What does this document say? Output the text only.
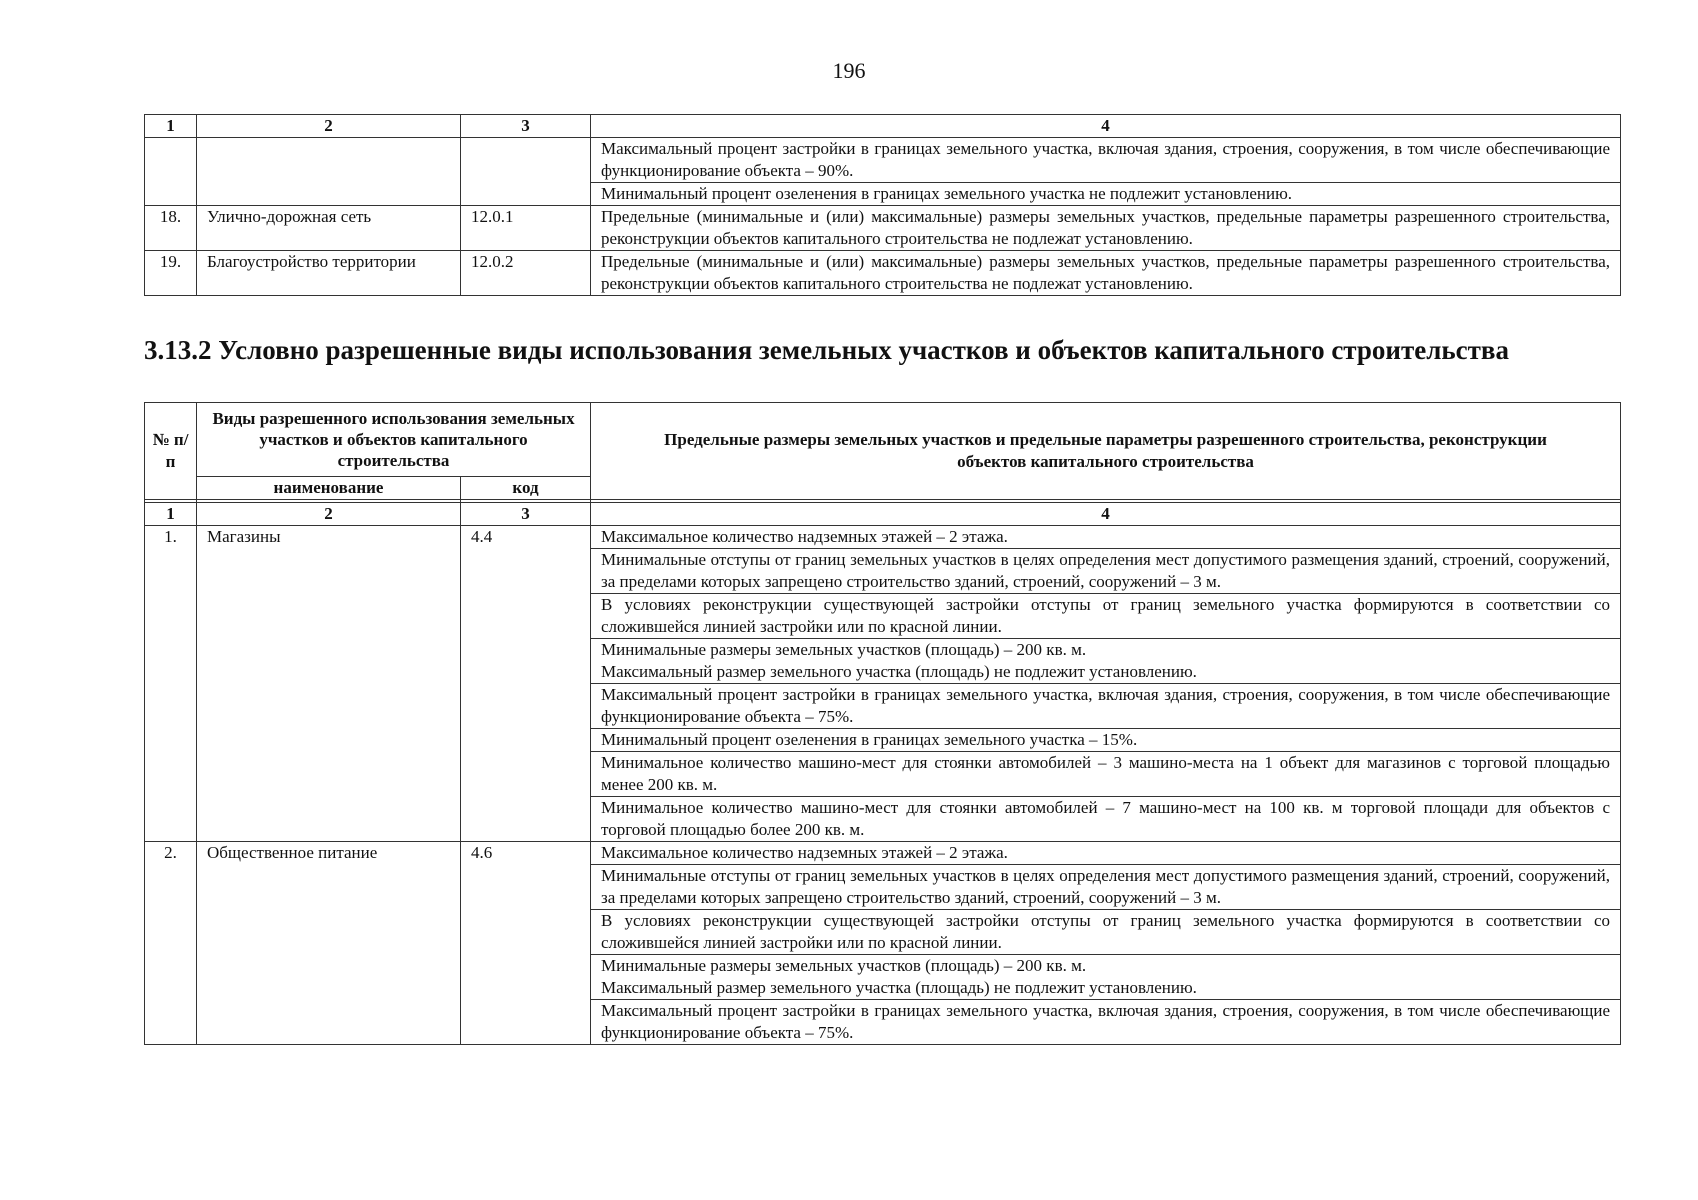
196
1	2	3	4
			Максимальный процент застройки в границах земельного участка, включая здания, строения, сооружения, в том числе обеспечивающие функционирование объекта – 90%.
			Минимальный процент озеленения в границах земельного участка не подлежит установлению.
18.	Улично-дорожная сеть	12.0.1	Предельные (минимальные и (или) максимальные) размеры земельных участков, предельные параметры разрешенного строительства, реконструкции объектов капитального строительства не подлежат установлению.
19.	Благоустройство территории	12.0.2	Предельные (минимальные и (или) максимальные) размеры земельных участков, предельные параметры разрешенного строительства, реконструкции объектов капитального строительства не подлежат установлению.
3.13.2 Условно разрешенные виды использования земельных участков и объектов капитального строительства
№ п/п	Виды разрешенного использования земельных участков и объектов капитального строительства		Предельные размеры земельных участков и предельные параметры разрешенного строительства, реконструкции объектов капитального строительства
	наименование	код	

1	2	3	4
1.	Магазины	4.4	Максимальное количество надземных этажей – 2 этажа.
			Минимальные отступы от границ земельных участков в целях определения мест допустимого размещения зданий, строений, сооружений, за пределами которых запрещено строительство зданий, строений, сооружений – 3 м.
			В условиях реконструкции существующей застройки отступы от границ земельного участка формируются в соответствии со сложившейся линией застройки или по красной линии.
			Минимальные размеры земельных участков (площадь) – 200 кв. м.
Максимальный размер земельного участка (площадь) не подлежит установлению.
			Максимальный процент застройки в границах земельного участка, включая здания, строения, сооружения, в том числе обеспечивающие функционирование объекта – 75%.
			Минимальный процент озеленения в границах земельного участка – 15%.
			Минимальное количество машино-мест для стоянки автомобилей – 3 машино-места на 1 объект для магазинов с торговой площадью менее 200 кв. м.
			Минимальное количество машино-мест для стоянки автомобилей – 7 машино-мест на 100 кв. м торговой площади для объектов с торговой площадью более 200 кв. м.
2.	Общественное питание	4.6	Максимальное количество надземных этажей – 2 этажа.
			Минимальные отступы от границ земельных участков в целях определения мест допустимого размещения зданий, строений, сооружений, за пределами которых запрещено строительство зданий, строений, сооружений – 3 м.
			В условиях реконструкции существующей застройки отступы от границ земельного участка формируются в соответствии со сложившейся линией застройки или по красной линии.
			Минимальные размеры земельных участков (площадь) – 200 кв. м.
Максимальный размер земельного участка (площадь) не подлежит установлению.
			Максимальный процент застройки в границах земельного участка, включая здания, строения, сооружения, в том числе обеспечивающие функционирование объекта – 75%.
